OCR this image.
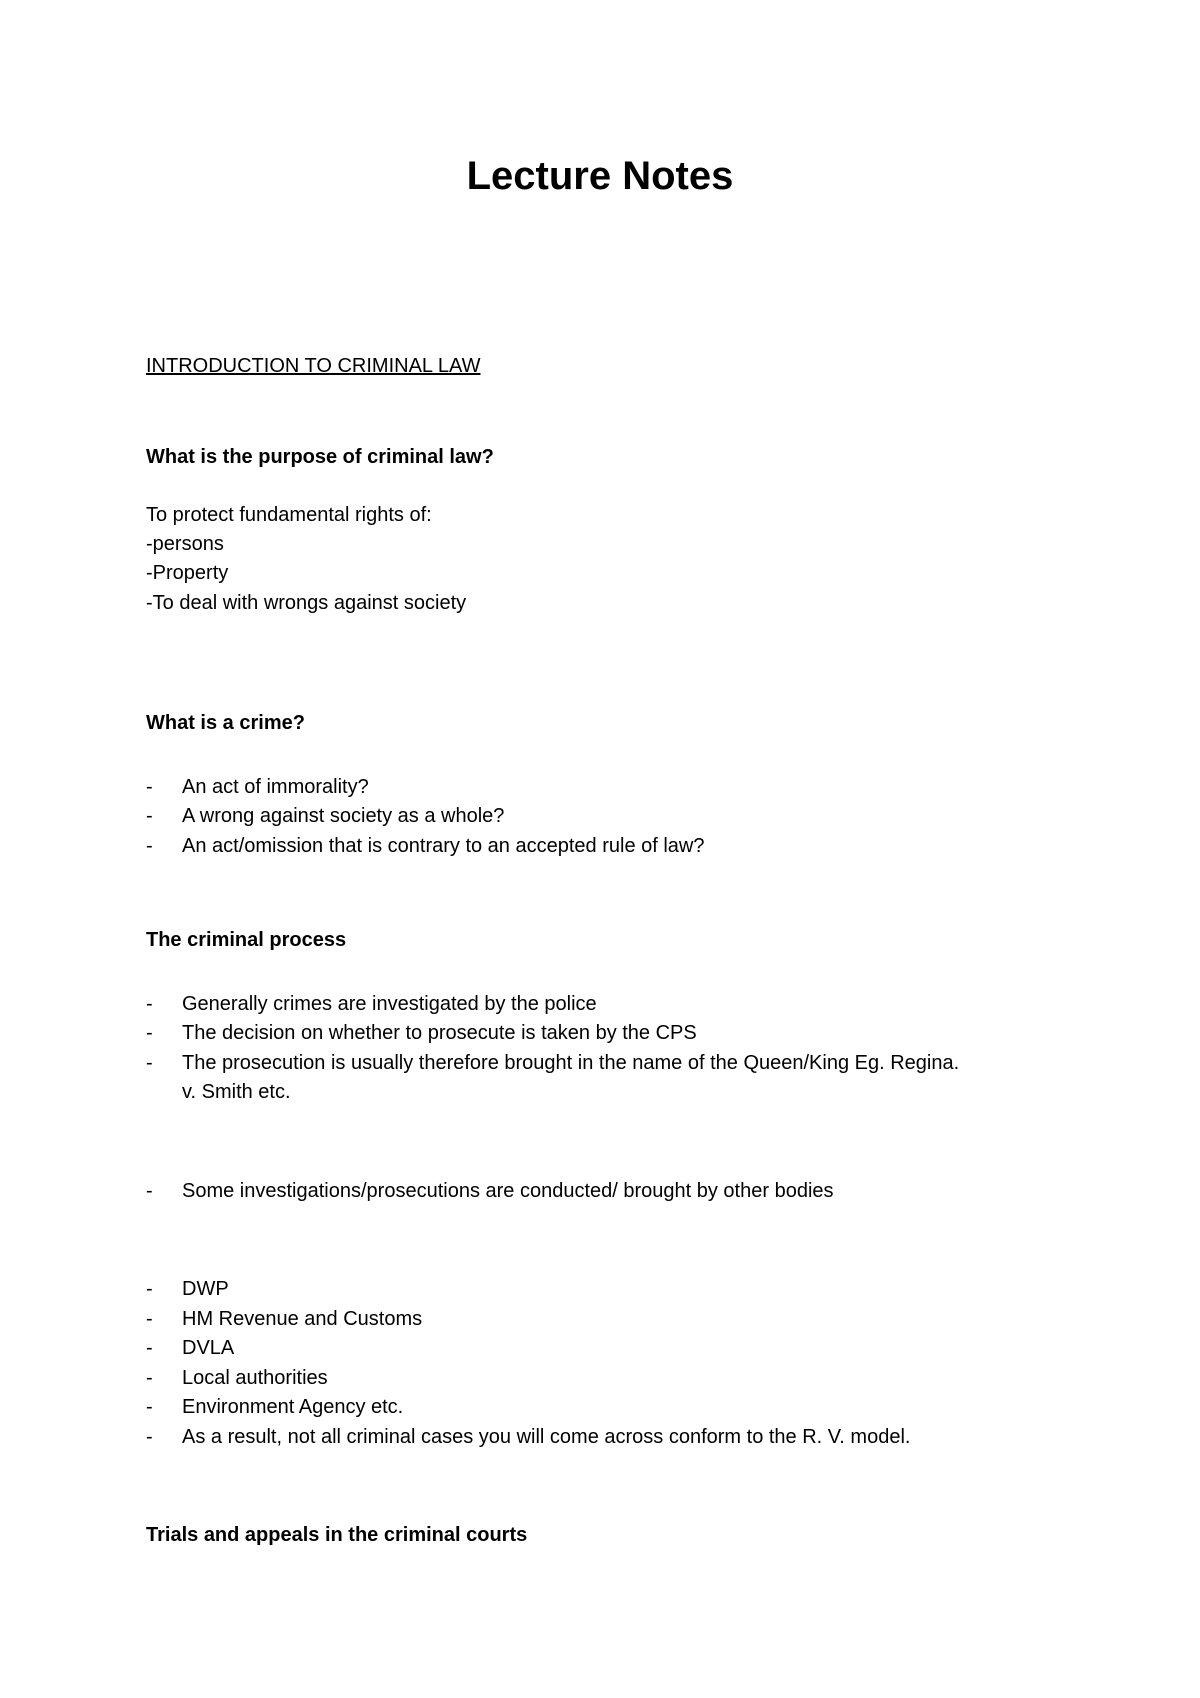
Lecture Notes

INTRODUCTION TO CRIMINAL LAW

What is the purpose of criminal law?

To protect fundamental rights of:

-persons

-Property

-To deal with wrongs against society

What is a crime?

- An act of immorality?

- A wrong against society as a whole?

- An act/omission that is contrary to an accepted rule of law?

The criminal process

- Generally crimes are investigated by the police

- The decision on whether to prosecute is taken by the CPS

- The prosecution is usually therefore brought in the name of the Queen/King Eg. Regina.

v. Smith etc.

- Some investigations/prosecutions are conducted/ brought by other bodies

- DWP

- HM Revenue and Customs

- DVLA

- Local authorities

- Environment Agency etc.

- As a result, not all criminal cases you will come across conform to the R. V. model.

Trials and appeals in the criminal courts
